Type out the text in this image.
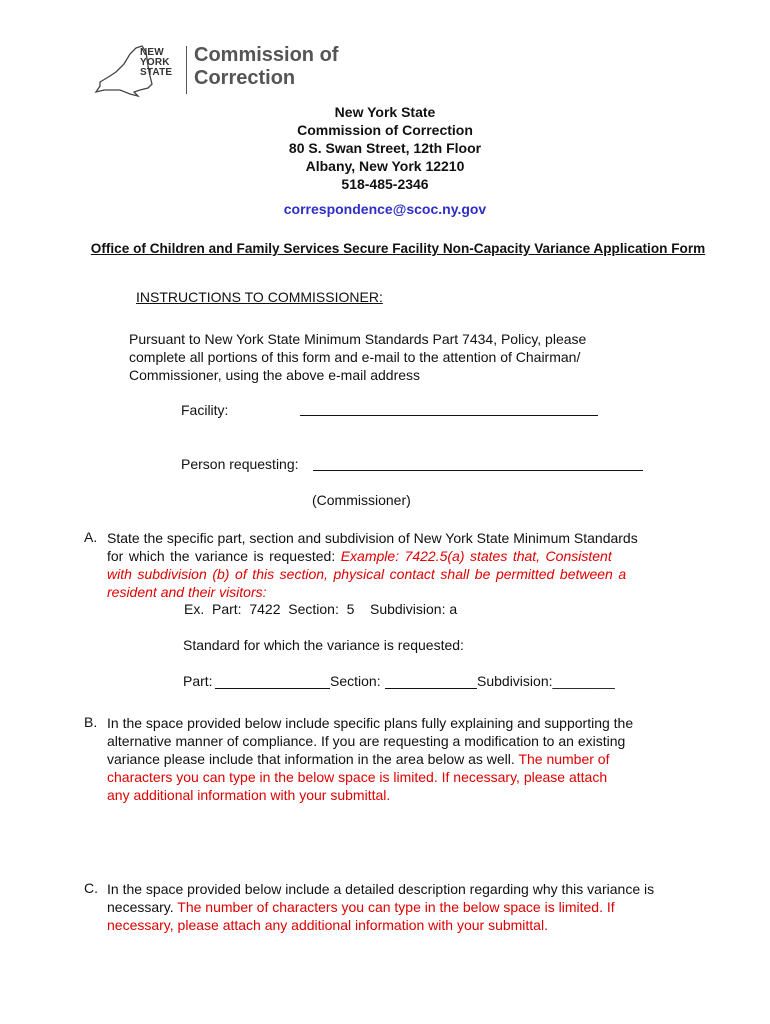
NEW
YORK
STATE
Commission of
Correction
New York State
Commission of Correction
80 S. Swan Street, 12th Floor
Albany, New York 12210
518-485-2346
correspondence@scoc.ny.gov
Office of Children and Family Services Secure Facility Non-Capacity Variance Application Form
INSTRUCTIONS TO COMMISSIONER:
Pursuant to New York State Minimum Standards Part 7434, Policy, please
complete all portions of this form and e-mail to the attention of Chairman/
Commissioner, using the above e-mail address
Facility:
Person requesting:
(Commissioner)
A. State the specific part, section and subdivision of New York State Minimum Standards
for which the variance is requested: Example: 7422.5(a) states that, Consistent
with subdivision (b) of this section, physical contact shall be permitted between a
resident and their visitors:
Ex.  Part:  7422  Section:  5    Subdivision: a
Standard for which the variance is requested:
Part:	Section:	Subdivision:________
B. In the space provided below include specific plans fully explaining and supporting the
alternative manner of compliance. If you are requesting a modification to an existing
variance please include that information in the area below as well. The number of
characters you can type in the below space is limited. If necessary, please attach
any additional information with your submittal.
C. In the space provided below include a detailed description regarding why this variance is
necessary. The number of characters you can type in the below space is limited. If
necessary, please attach any additional information with your submittal.
